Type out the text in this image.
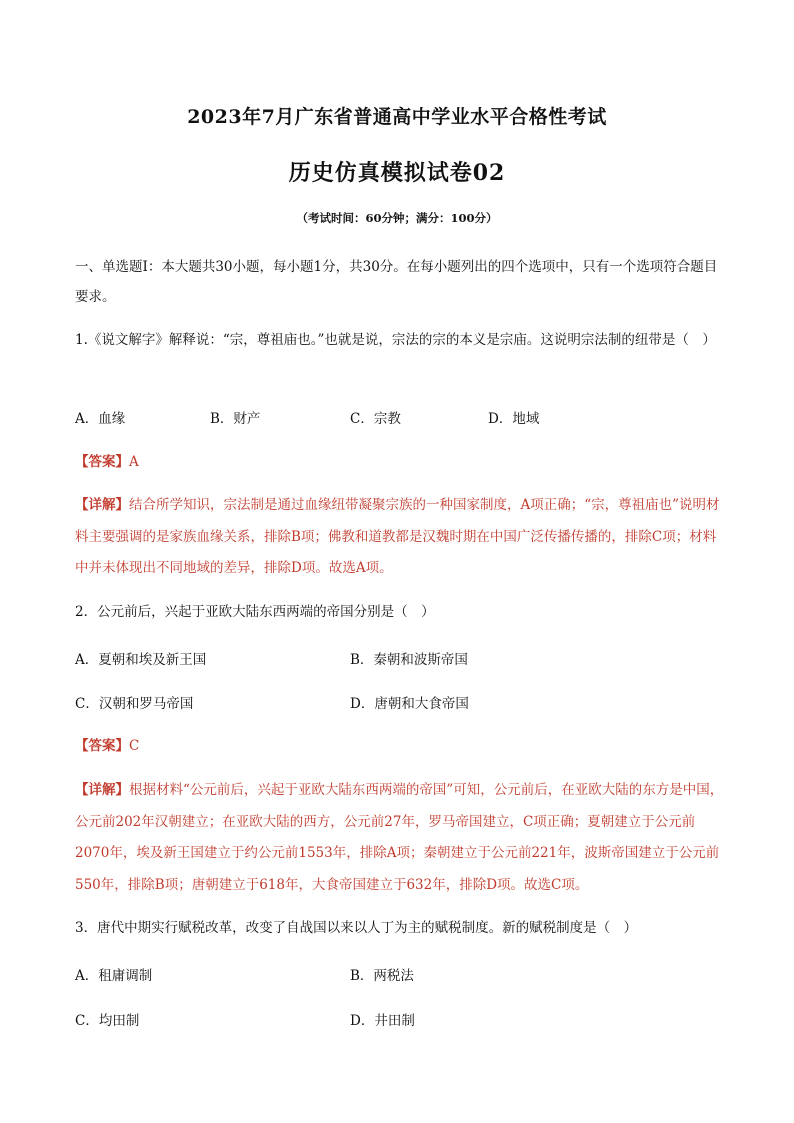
2023年7月广东省普通高中学业水平合格性考试
历史仿真模拟试卷02
（考试时间：60分钟；满分：100分）
一、单选题Ⅰ：本大题共30小题，每小题1分，共30分。在每小题列出的四个选项中，只有一个选项符合题目要求。
1.《说文解字》解释说：“宗，尊祖庙也。”也就是说，宗法的宗的本义是宗庙。这说明宗法制的纽带是（　）
A．血缘	B．财产	C．宗教	D．地域
【答案】A
【详解】结合所学知识，宗法制是通过血缘纽带凝聚宗族的一种国家制度，A项正确；“宗，尊祖庙也”说明材料主要强调的是家族血缘关系，排除B项；佛教和道教都是汉魏时期在中国广泛传播传播的，排除C项；材料中并未体现出不同地域的差异，排除D项。故选A项。
2．公元前后，兴起于亚欧大陆东西两端的帝国分别是（　）
A．夏朝和埃及新王国	B．秦朝和波斯帝国
C．汉朝和罗马帝国	D．唐朝和大食帝国
【答案】C
【详解】根据材料“公元前后，兴起于亚欧大陆东西两端的帝国”可知，公元前后，在亚欧大陆的东方是中国，公元前202年汉朝建立；在亚欧大陆的西方，公元前27年，罗马帝国建立，C项正确；夏朝建立于公元前2070年，埃及新王国建立于约公元前1553年，排除A项；秦朝建立于公元前221年，波斯帝国建立于公元前550年，排除B项；唐朝建立于618年，大食帝国建立于632年，排除D项。故选C项。
3．唐代中期实行赋税改革，改变了自战国以来以人丁为主的赋税制度。新的赋税制度是（　）
A．租庸调制	B．两税法
C．均田制	D．井田制
